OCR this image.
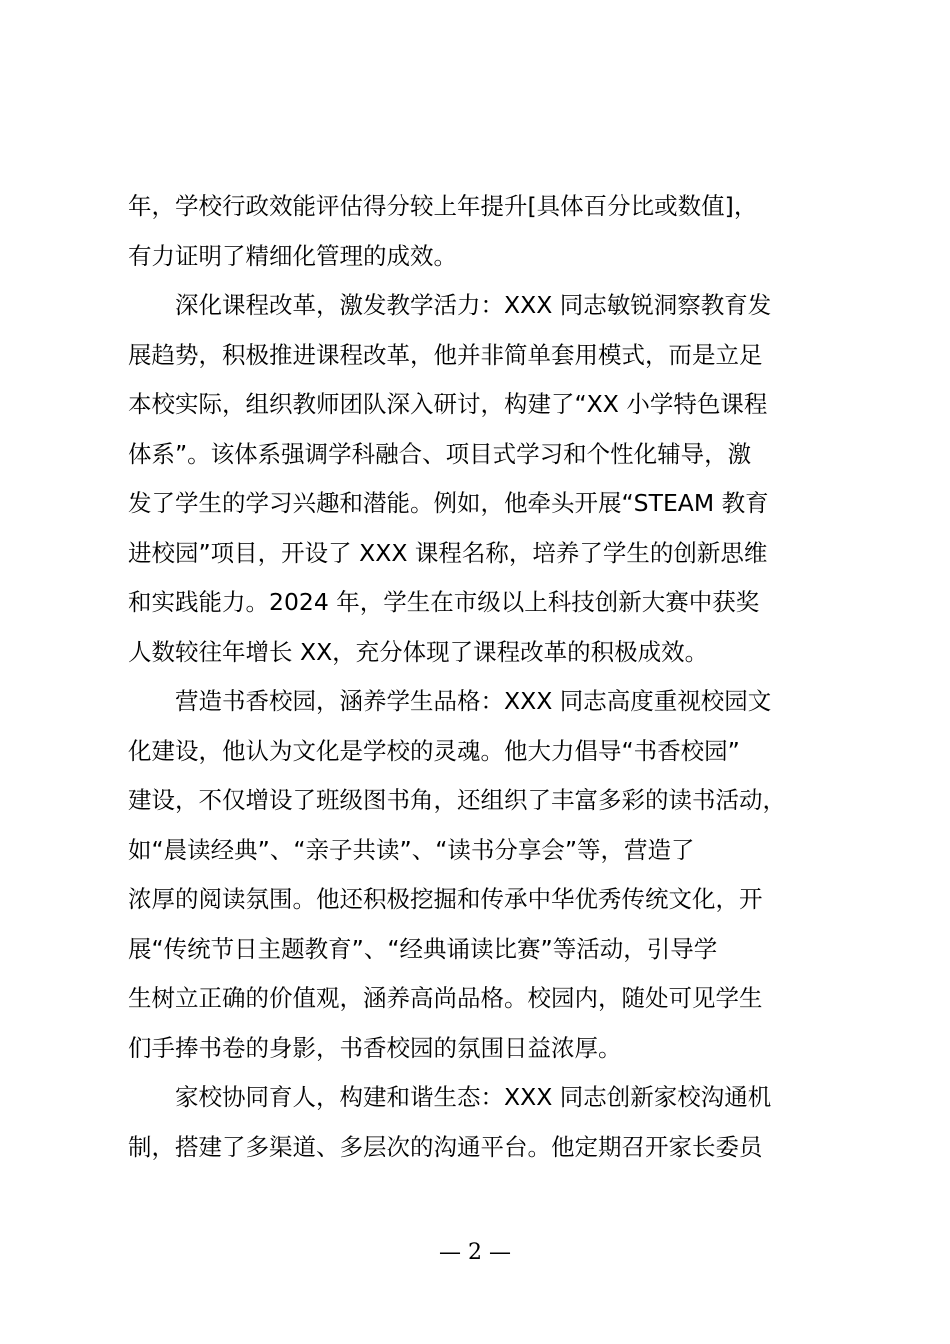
年，学校行政效能评估得分较上年提升[具体百分比或数值]，
有力证明了精细化管理的成效。
深化课程改革，激发教学活力：XXX 同志敏锐洞察教育发
展趋势，积极推进课程改革，他并非简单套用模式，而是立足
本校实际，组织教师团队深入研讨，构建了“XX 小学特色课程
体系”。该体系强调学科融合、项目式学习和个性化辅导，激
发了学生的学习兴趣和潜能。例如，他牵头开展“STEAM 教育
进校园”项目，开设了 XXX 课程名称，培养了学生的创新思维
和实践能力。2024 年，学生在市级以上科技创新大赛中获奖
人数较往年增长 XX，充分体现了课程改革的积极成效。
营造书香校园，涵养学生品格：XXX 同志高度重视校园文
化建设，他认为文化是学校的灵魂。他大力倡导“书香校园”
建设，不仅增设了班级图书角，还组织了丰富多彩的读书活动，
如“晨读经典”、“亲子共读”、“读书分享会”等，营造了
浓厚的阅读氛围。他还积极挖掘和传承中华优秀传统文化，开
展“传统节日主题教育”、“经典诵读比赛”等活动，引导学
生树立正确的价值观，涵养高尚品格。校园内，随处可见学生
们手捧书卷的身影，书香校园的氛围日益浓厚。
家校协同育人，构建和谐生态：XXX 同志创新家校沟通机
制，搭建了多渠道、多层次的沟通平台。他定期召开家长委员
— 2 —
